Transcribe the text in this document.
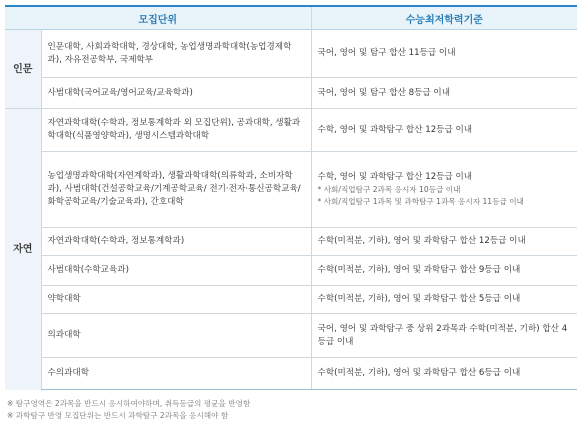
모집단위		수능최저학력기준
인문	인문대학, 사회과학대학, 경상대학, 농업생명과학대학(농업경제학과), 자유전공학부, 국제학부	국어, 영어 및 탐구 합산 11등급 이내

	사범대학(국어교육/영어교육/교육학과)	국어, 영어 및 탐구 합산 8등급 이내

자연	자연과학대학(수학과, 정보통계학과 외 모집단위), 공과대학, 생활과학대학(식품영양학과), 생명시스템과학대학	수학, 영어 및 과학탐구 합산 12등급 이내

	농업생명과학대학(자연계학과), 생활과학대학(의류학과, 소비자학과), 사범대학(건설공학교육/기계공학교육/ 전기·전자·통신공학교육/화학공학교육/기술교육과), 간호대학	수학, 영어 및 과학탐구 합산 12등급 이내
* 사회/직업탐구 2과목 응시자 10등급 이내
* 사회/직업탐구 1과목 및 과학탐구 1과목 응시자 11등급 이내

	자연과학대학(수학과, 정보통계학과)	수학(미적분, 기하), 영어 및 과학탐구 합산 12등급 이내

	사범대학(수학교육과)	수학(미적분, 기하), 영어 및 과학탐구 합산 9등급 이내

	약학대학	수학(미적분, 기하), 영어 및 과학탐구 합산 5등급 이내

	의과대학	국어, 영어 및 과학탐구 중 상위 2과목과 수학(미적분, 기하) 합산 4등급 이내

	수의과대학	수학(미적분, 기하), 영어 및 과학탐구 합산 6등급 이내
※ 탐구영역은 2과목을 반드시 응시하여야하며, 취득등급의 평균을 반영함
※ 과학탐구 반영 모집단위는 반드시 과학탐구 2과목을 응시해야 함
